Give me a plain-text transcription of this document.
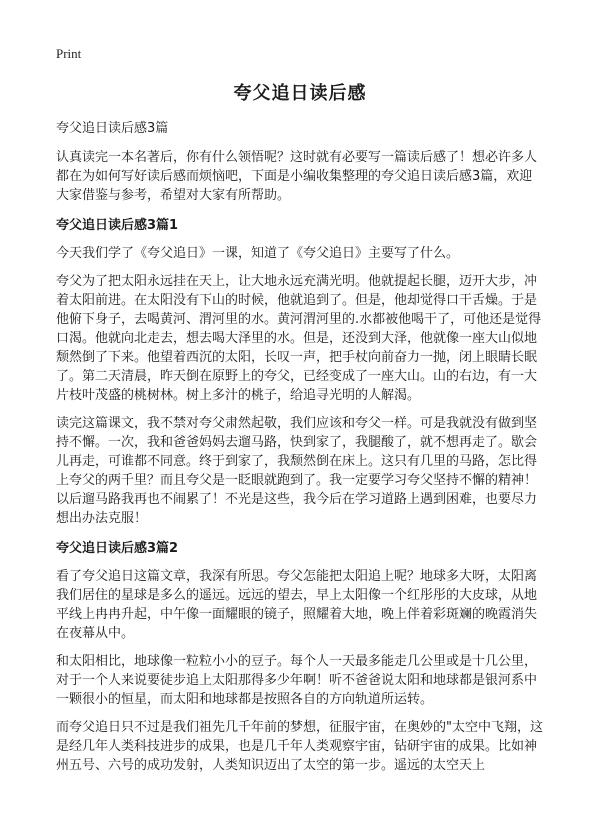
Print
夸父追日读后感

夸父追日读后感3篇

认真读完一本名著后，你有什么领悟呢？这时就有必要写一篇读后感了！想必许多人都在为如何写好读后感而烦恼吧，下面是小编收集整理的夸父追日读后感3篇，欢迎大家借鉴与参考，希望对大家有所帮助。

夸父追日读后感3篇1

今天我们学了《夸父追日》一课，知道了《夸父追日》主要写了什么。

夸父为了把太阳永远挂在天上，让大地永远充满光明。他就提起长腿，迈开大步，冲着太阳前进。在太阳没有下山的时候，他就追到了。但是，他却觉得口干舌燥。于是他俯下身子，去喝黄河、渭河里的水。黄河渭河里的.水都被他喝干了，可他还是觉得口渴。他就向北走去，想去喝大泽里的水。但是，还没到大泽，他就像一座大山似地颓然倒了下来。他望着西沉的太阳，长叹一声，把手杖向前奋力一抛，闭上眼睛长眠了。第二天清晨，昨天倒在原野上的夸父，已经变成了一座大山。山的右边，有一大片枝叶茂盛的桃树林。树上多汁的桃子，给追寻光明的人解渴。

读完这篇课文，我不禁对夸父肃然起敬，我们应该和夸父一样。可是我就没有做到坚持不懈。一次，我和爸爸妈妈去遛马路，快到家了，我腿酸了，就不想再走了。歇会儿再走，可谁都不同意。终于到家了，我颓然倒在床上。这只有几里的马路，怎比得上夸父的两千里？而且夸父是一眨眼就跑到了。我一定要学习夸父坚持不懈的精神！以后遛马路我再也不闹累了！不光是这些，我今后在学习道路上遇到困难，也要尽力想出办法克服！

夸父追日读后感3篇2

看了夸父追日这篇文章，我深有所思。夸父怎能把太阳追上呢？地球多大呀，太阳离我们居住的星球是多么的遥远。远远的望去，早上太阳像一个红彤彤的大皮球，从地平线上冉冉升起，中午像一面耀眼的镜子，照耀着大地，晚上伴着彩斑斓的晚霞消失在夜幕从中。

和太阳相比，地球像一粒粒小小的豆子。每个人一天最多能走几公里或是十几公里，对于一个人来说要徒步追上太阳那得多少年啊！听不爸爸说太阳和地球都是银河系中一颗很小的恒星，而太阳和地球都是按照各自的方向轨道所运转。

而夸父追日只不过是我们祖先几千年前的梦想，征服宇宙，在奥妙的"太空中飞翔，这是经几年人类科技进步的成果，也是几千年人类观察宇宙，钻研宇宙的成果。比如神州五号、六号的成功发射，人类知识迈出了太空的第一步。遥远的太空天上
